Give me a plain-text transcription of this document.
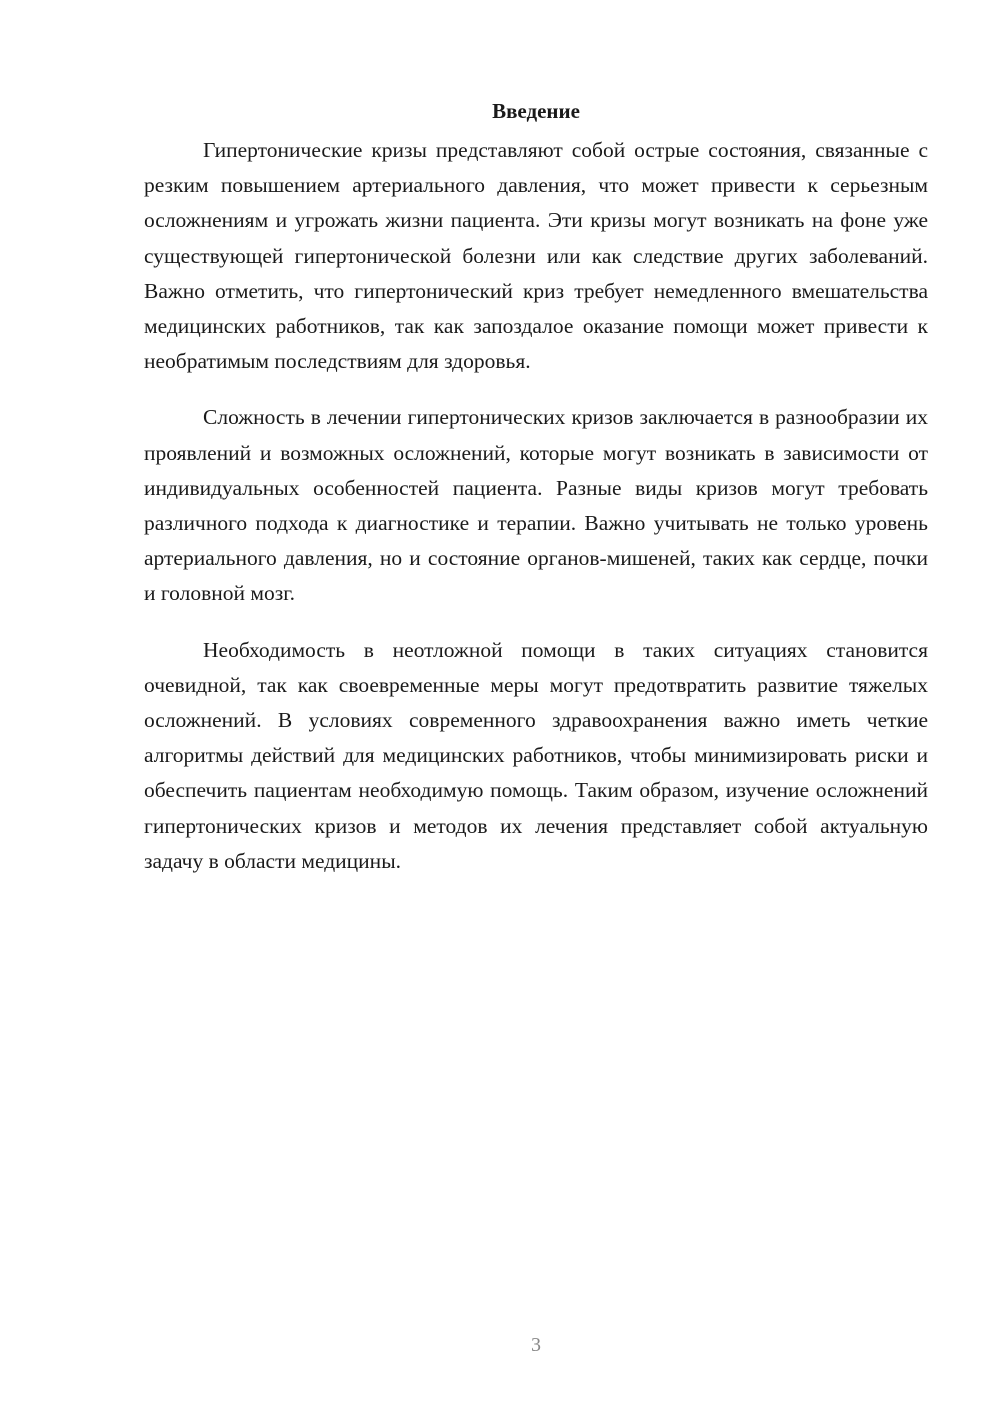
Введение

Гипертонические кризы представляют собой острые состояния, связанные с резким повышением артериального давления, что может привести к серьезным осложнениям и угрожать жизни пациента. Эти кризы могут возникать на фоне уже существующей гипертонической болезни или как следствие других заболеваний. Важно отметить, что гипертонический криз требует немедленного вмешательства медицинских работников, так как запоздалое оказание помощи может привести к необратимым последствиям для здоровья.

Сложность в лечении гипертонических кризов заключается в разнообразии их проявлений и возможных осложнений, которые могут возникать в зависимости от индивидуальных особенностей пациента. Разные виды кризов могут требовать различного подхода к диагностике и терапии. Важно учитывать не только уровень артериального давления, но и состояние органов-мишеней, таких как сердце, почки и головной мозг.

Необходимость в неотложной помощи в таких ситуациях становится очевидной, так как своевременные меры могут предотвратить развитие тяжелых осложнений. В условиях современного здравоохранения важно иметь четкие алгоритмы действий для медицинских работников, чтобы минимизировать риски и обеспечить пациентам необходимую помощь. Таким образом, изучение осложнений гипертонических кризов и методов их лечения представляет собой актуальную задачу в области медицины.

3
